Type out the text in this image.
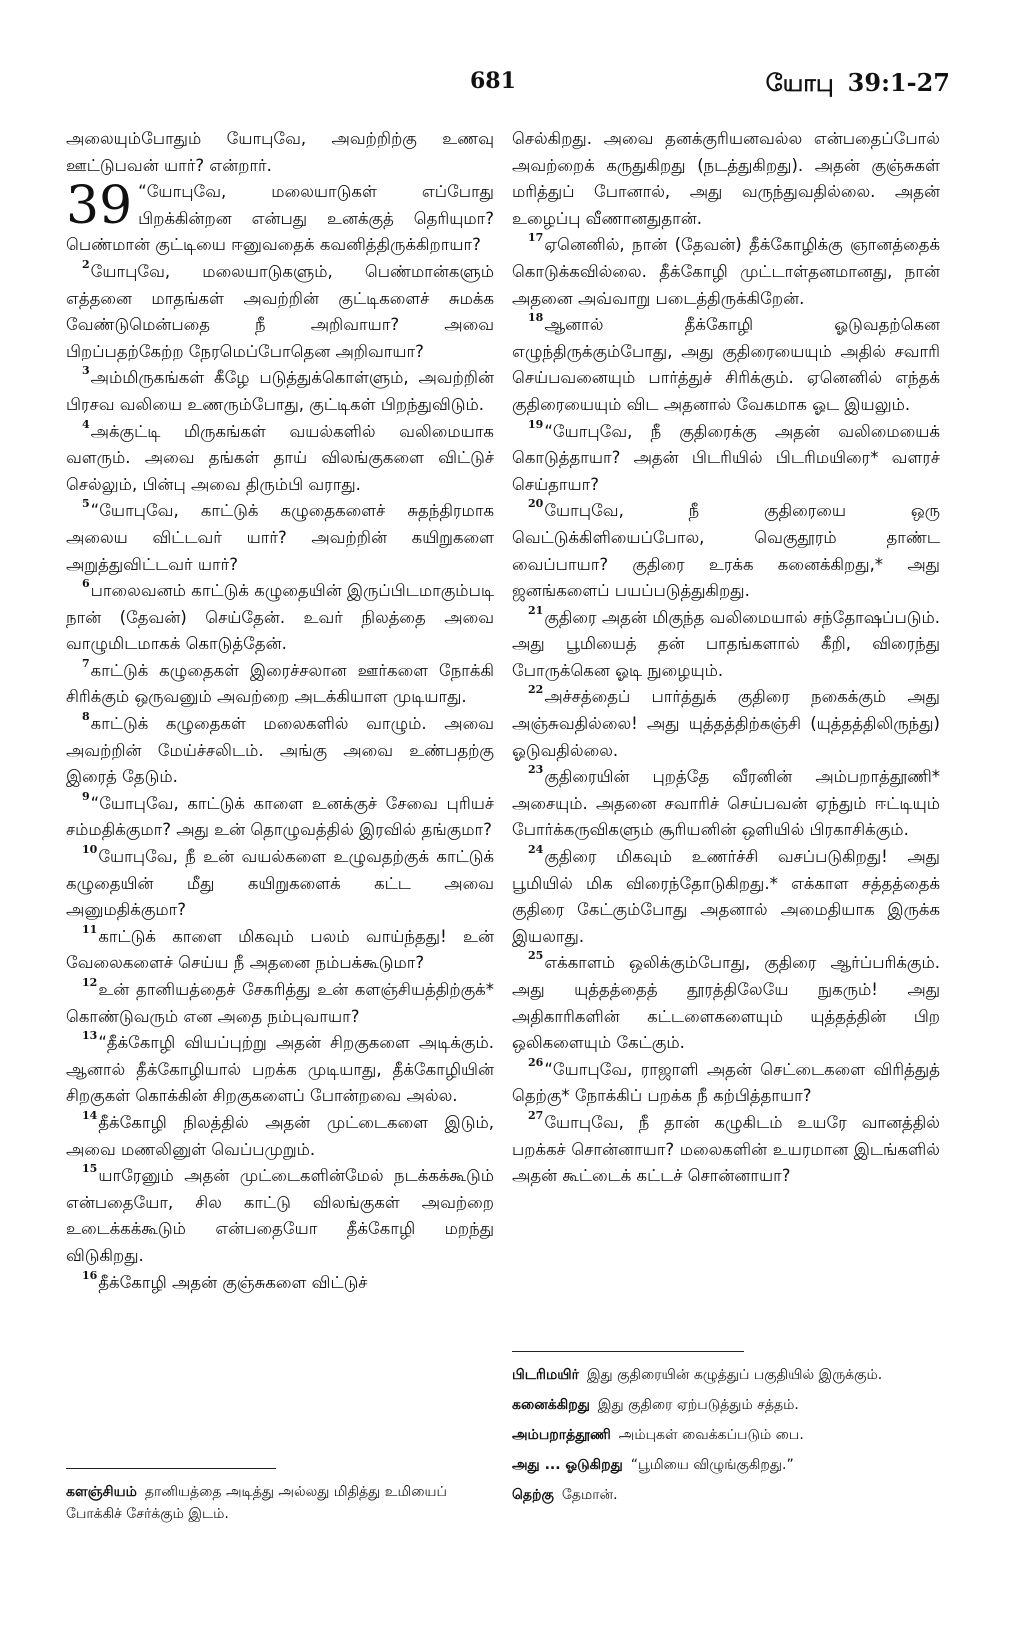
681	யோபு 39:1-27

அலையும்போதும் யோபுவே, அவற்றிற்கு உணவு ஊட்டுபவன் யார்? என்றார்.

39 “யோபுவே, மலையாடுகள் எப்போது பிறக்கின்றன என்பது உனக்குத் தெரியுமா? பெண்மான் குட்டியை ஈனுவதைக் கவனித்திருக்கிறாயா?

$^2$யோபுவே, மலையாடுகளும், பெண்மான்களும் எத்தனை மாதங்கள் அவற்றின் குட்டிகளைச் சுமக்க வேண்டுமென்பதை நீ அறிவாயா? அவை பிறப்பதற்கேற்ற நேரமெப்போதென அறிவாயா?

$^3$அம்மிருகங்கள் கீழே படுத்துக்கொள்ளும், அவற்றின் பிரசவ வலியை உணரும்போது, குட்டிகள் பிறந்துவிடும்.

$^4$அக்குட்டி மிருகங்கள் வயல்களில் வலிமையாக வளரும். அவை தங்கள் தாய் விலங்குகளை விட்டுச் செல்லும், பின்பு அவை திரும்பி வராது.

$^5$“யோபுவே, காட்டுக் கழுதைகளைச் சுதந்திரமாக அலைய விட்டவர் யார்? அவற்றின் கயிறுகளை அறுத்துவிட்டவர் யார்?

$^6$பாலைவனம் காட்டுக் கழுதையின் இருப்பிடமாகும்படி நான் (தேவன்) செய்தேன். உவர் நிலத்தை அவை வாழுமிடமாகக் கொடுத்தேன்.

$^7$காட்டுக் கழுதைகள் இரைச்சலான ஊர்களை நோக்கி சிரிக்கும் ஒருவனும் அவற்றை அடக்கியாள முடியாது.

$^8$காட்டுக் கழுதைகள் மலைகளில் வாழும். அவை அவற்றின் மேய்ச்சலிடம். அங்கு அவை உண்பதற்கு இரைத் தேடும்.

$^9$“யோபுவே, காட்டுக் காளை உனக்குச் சேவை புரியச் சம்மதிக்குமா? அது உன் தொழுவத்தில் இரவில் தங்குமா?

$^{10}$யோபுவே, நீ உன் வயல்களை உழுவதற்குக் காட்டுக் கழுதையின் மீது கயிறுகளைக் கட்ட அவை அனுமதிக்குமா?

$^{11}$காட்டுக் காளை மிகவும் பலம் வாய்ந்தது! உன் வேலைகளைச் செய்ய நீ அதனை நம்பக்கூடுமா?

$^{12}$உன் தானியத்தைச் சேகரித்து உன் களஞ்சியத்திற்குக்* கொண்டுவரும் என அதை நம்புவாயா?

$^{13}$“தீக்கோழி வியப்புற்று அதன் சிறகுகளை அடிக்கும். ஆனால் தீக்கோழியால் பறக்க முடியாது, தீக்கோழியின் சிறகுகள் கொக்கின் சிறகுகளைப் போன்றவை அல்ல.

$^{14}$தீக்கோழி நிலத்தில் அதன் முட்டைகளை இடும், அவை மணலினுள் வெப்பமுறும்.

$^{15}$யாரேனும் அதன் முட்டைகளின்மேல் நடக்கக்கூடும் என்பதையோ, சில காட்டு விலங்குகள் அவற்றை உடைக்கக்கூடும் என்பதையோ தீக்கோழி மறந்து விடுகிறது.

$^{16}$தீக்கோழி அதன் குஞ்சுகளை விட்டுச்

செல்கிறது. அவை தனக்குரியனவல்ல என்பதைப்போல் அவற்றைக் கருதுகிறது (நடத்துகிறது). அதன் குஞ்சுகள் மரித்துப் போனால், அது வருந்துவதில்லை. அதன் உழைப்பு வீணானதுதான்.

$^{17}$ஏனெனில், நான் (தேவன்) தீக்கோழிக்கு ஞானத்தைக் கொடுக்கவில்லை. தீக்கோழி முட்டாள்தனமானது, நான் அதனை அவ்வாறு படைத்திருக்கிறேன்.

$^{18}$ஆனால் தீக்கோழி ஓடுவதற்கென எழுந்திருக்கும்போது, அது குதிரையையும் அதில் சவாரி செய்பவனையும் பார்த்துச் சிரிக்கும். ஏனெனில் எந்தக் குதிரையையும் விட அதனால் வேகமாக ஓட இயலும்.

$^{19}$“யோபுவே, நீ குதிரைக்கு அதன் வலிமையைக் கொடுத்தாயா? அதன் பிடரியில் பிடரிமயிரை* வளரச் செய்தாயா?

$^{20}$யோபுவே, நீ குதிரையை ஒரு வெட்டுக்கிளியைப்போல, வெகுதூரம் தாண்ட வைப்பாயா? குதிரை உரக்க கனைக்கிறது,* அது ஜனங்களைப் பயப்படுத்துகிறது.

$^{21}$குதிரை அதன் மிகுந்த வலிமையால் சந்தோஷப்படும். அது பூமியைத் தன் பாதங்களால் கீறி, விரைந்து போருக்கென ஓடி நுழையும்.

$^{22}$அச்சத்தைப் பார்த்துக் குதிரை நகைக்கும் அது அஞ்சுவதில்லை! அது யுத்தத்திற்கஞ்சி (யுத்தத்திலிருந்து) ஓடுவதில்லை.

$^{23}$குதிரையின் புறத்தே வீரனின் அம்பறாத்தூணி* அசையும். அதனை சவாரிச் செய்பவன் ஏந்தும் ஈட்டியும் போர்க்கருவிகளும் சூரியனின் ஒளியில் பிரகாசிக்கும்.

$^{24}$குதிரை மிகவும் உணர்ச்சி வசப்படுகிறது! அது பூமியில் மிக விரைந்தோடுகிறது.* எக்காள சத்தத்தைக் குதிரை கேட்கும்போது அதனால் அமைதியாக இருக்க இயலாது.

$^{25}$எக்காளம் ஒலிக்கும்போது, குதிரை ஆர்ப்பரிக்கும். அது யுத்தத்தைத் தூரத்திலேயே நுகரும்! அது அதிகாரிகளின் கட்டளைகளையும் யுத்தத்தின் பிற ஒலிகளையும் கேட்கும்.

$^{26}$“யோபுவே, ராஜாளி அதன் செட்டைகளை விரித்துத் தெற்கு* நோக்கிப் பறக்க நீ கற்பித்தாயா?

$^{27}$யோபுவே, நீ தான் கழுகிடம் உயரே வானத்தில் பறக்கச் சொன்னாயா? மலைகளின் உயரமான இடங்களில் அதன் கூட்டைக் கட்டச் சொன்னாயா?

களஞ்சியம் தானியத்தை அடித்து அல்லது மிதித்து உமியைப் போக்கிச் சேர்க்கும் இடம்.

பிடரிமயிர் இது குதிரையின் கழுத்துப் பகுதியில் இருக்கும்.

கனைக்கிறது இது குதிரை ஏற்படுத்தும் சத்தம்.

அம்பறாத்தூணி அம்புகள் வைக்கப்படும் பை.

அது ... ஓடுகிறது “பூமியை விழுங்குகிறது.”

தெற்கு தேமான்.
